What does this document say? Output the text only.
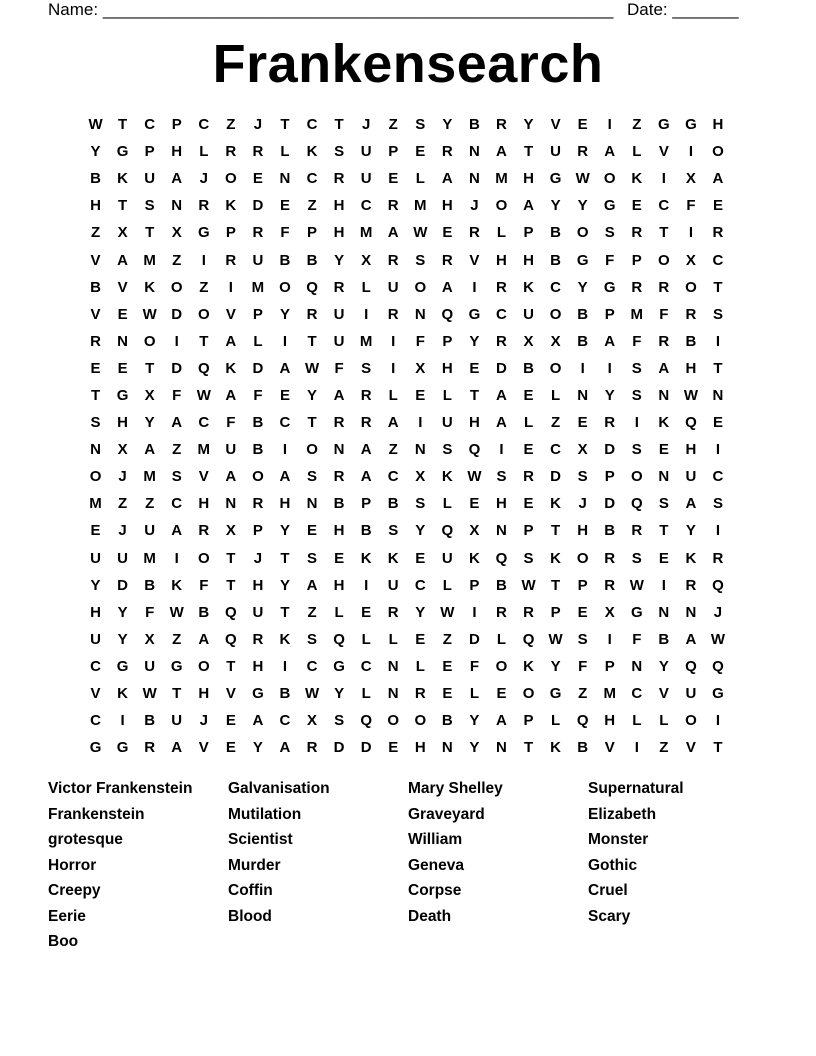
Name: ______________________________________________________ Date: _______
Frankensearch
W	T	C	P	C	Z	J	T	C	T	J	Z	S	Y	B	R	Y	V	E	I	Z	G	G	H
Y	G	P	H	L	R	R	L	K	S	U	P	E	R	N	A	T	U	R	A	L	V	I	O
B	K	U	A	J	O	E	N	C	R	U	E	L	A	N	M	H	G W O	K	I	X	A
H	T	S	N	R	K	D	E	Z	H	C	R	M	H	J	O	A	Y	Y	G	E	C	F	E
Z	X	T	X	G	P	R	F	P	H	M	A W E	R	L	P	B	O	S	R	T	I	R
V	A	M	Z	I	R	U	B	B	Y	X	R	S	R	V	H	H	B	G	F	P	O	X	C
B	V	K	O	Z	I	M O	Q	R	L	U	O	A	I	R	K	C	Y	G	R	R	O	T
V	E W D	O	V	P	Y	R	U	I	R	N	Q	G	C	U	O	B	P	M	F	R	S
R	N	O	I	T	A	L	I	T	U	M	I	F	P	Y	R	X	X	B	A	F	R	B	I
E	E	T	D	Q	K	D	A W	F	S	I	X	H	E	D	B	O	I	I	S	A	H	T
T	G	X	F	W A	F	E	Y	A	R	L	E	L	T	A	E	L	N	Y	S	N W N
S	H	Y	A	C	F	B	C	T	R	R	A	I	U	H	A	L	Z	E	R	I	K	Q	E
N	X	A	Z	M	U	B	I	O	N	A	Z	N	S	Q	I	E	C	X	D	S	E	H	I
O	J	M	S	V	A	O	A	S	R	A	C	X	K W S	R	D	S	P	O	N	U	C
M	Z	Z	C	H	N	R	H	N	B	P	B	S	L	E	H	E	K	J	D	Q	S	A	S
E	J	U	A	R	X	P	Y	E	H	B	S	Y	Q	X	N	P	T	H	B	R	T	Y	I
U	U	M	I	O	T	J	T	S	E	K	K	E	U	K	Q	S	K	O	R	S	E	K	R
Y	D	B	K	F	T	H	Y	A	H	I	U	C	L	P	B W	T	P	R W	I	R	Q
H	Y	F	W B	Q	U	T	Z	L	E	R	Y W	I	R	R	P	E	X	G	N	N	J
U	Y	X	Z	A	Q	R	K	S	Q	L	L	E	Z	D	L	Q W S	I	F	B	A W
C	G	U	G	O	T	H	I	C	G	C	N	L	E	F	O	K	Y	F	P	N	Y	Q	Q
V	K W	T	H	V	G	B W Y	L	N	R	E	L	E	O	G	Z	M	C	V	U	G
C	I	B	U	J	E	A	C	X	S	Q	O	O	B	Y	A	P	L	Q	H	L	L	O	I
G	G	R	A	V	E	Y	A	R	D	D	E	H	N	Y	N	T	K	B	V	I	Z	V	T
Victor Frankenstein
Frankenstein
grotesque
Horror
Creepy
Eerie
Boo
Galvanisation
Mutilation
Scientist
Murder
Coffin
Blood
Mary Shelley
Graveyard
William
Geneva
Corpse
Death
Supernatural
Elizabeth
Monster
Gothic
Cruel
Scary
